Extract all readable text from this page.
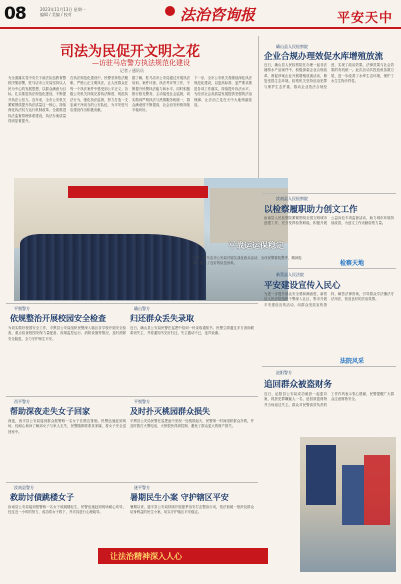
08	2023年11月13日 星期一
编辑 / 美编 / 校对	法治咨询报	平安天中
司法为民促开文明之花
—访驻马店警方执法规范化建设
记者 / 通讯员
为全面落实党中央关于政法队伍教育整顿决策部署，驻马店市公安局坚持以人民为中心的发展思想，以群众满意为目标，扎实推进执法规范化建设，不断提升执法公信力。近年来，全市公安机关紧紧围绕提升执法质量这一核心，持续深化执法权力运行机制改革，全面推进执法监督管理体系建设，执法办案质量得到显著提升。
在执法规范化建设中，民警坚持依法履职，严格公正文明执法，让人民群众在每一个执法案件中感受到公平正义。各级公安机关持续完善执法制度，规范执法行为，强化执法监督，努力打造一支忠诚干净担当的公安队伍，为平安驻马店建设作出积极贡献。
据了解，驻马店市公安局通过开展执法培训、案件评查、执法考评等工作，不断提升民警执法能力和水平。同时积极推行阳光警务，主动接受社会监督，切实做到严格执法与热情服务相统一，群众满意度不断提高，社会治安形势持续平稳向好。
下一步，全市公安机关将继续深化执法规范化建设，以更高标准、更严要求推进各项工作落实，持续提升执法水平，为经济社会高质量发展提供坚强的法治保障，让法治之花在天中大地绚丽绽放。
平战运运保稳定
近日，驻马店市公安局开展实战化练兵活动，全体民警着装整齐，精神饱满，展示了良好的队伍形象。
确山县人民检察院
企业合规办理效促水库增殖放流
近日，确山县人民检察院在办理一起非法捕捞水产品案件中，积极探索企业合规改革，督促涉案企业开展增殖放流活动，修复受损生态环境。检察机关坚持惩治犯罪与保护生态并重，推动企业依法合规经营，实现了政治效果、法律效果与社会效果的有机统一。此次活动共投放鱼苗数万尾，进一步改善了水库生态环境，保护了水生生物多样性。
汝南县人民检察院
以检察履职助力创文工作
汝南县人民检察院紧紧围绕全国文明城市创建工作，充分发挥检察职能，积极开展公益诉讼专项监督活动，助力城市环境持续改善，为创文工作贡献检察力量。
检察天地
新蔡县人民法院
平安建设宣传入民心
为进一步提升群众安全感和满意度，新蔡县人民法院组织干警深入社区、集市开展平安建设宣传活动，向群众发放宣传资料，解答法律咨询，引导群众学法懂法守法用法，营造良好的法治氛围。
法院风采
泌阳警方
追回群众被盗财务
近日，泌阳县公安局成功破获一起盗窃案，抓获犯罪嫌疑人一名，追回被盗财物并当场返还失主。群众对民警高效负责的工作作风表示衷心感谢，民警提醒广大群众注意财物安全。
平舆警方
依规整治开展校园安全检查
为切实做好校园安全工作，平舆县公安局组织民警深入辖区各学校开展安全检查，重点检查校园安保力量配备、视频监控运行、消防设施等情况，及时消除安全隐患，全力守护师生平安。
确山警方
归还群众丢失录取
近日，确山县公安局民警在巡逻中拾到一份录取通知书，民警立即通过多方查询联系到失主，并将通知书完好归还，失主激动不已，连声致谢。
西平警方
帮助深夜走失女子回家
深夜，西平县公安局接到群众报警称一名女子在路边徘徊。民警迅速赶到现场，经耐心询问了解到女子与家人走失，民警随即联系其家属，将女子安全送回家中。
平舆警方
及时扑灭桃园群众损失
平舆县公安局民警在巡逻途中发现一处桃园起火，民警第一时间组织群众扑救，并及时拨打火警电话，火势很快得到控制，避免了群众更大的财产损失。
汝南县警方
救助讨债跳楼女子
汝南县公安局接到报警称一名女子欲跳楼轻生，民警迅速赶到现场耐心劝导，经过近一小时的努力，成功将女子救下，并对其进行心理疏导。
遂平警方
暑期民生小案 守护辖区平安
暑期以来，遂平县公安局持续开展夏季治安打击整治行动，依法侦破一批涉及群众切身利益的民生小案，切实守护辖区平安稳定。
让法治精神深入人心
